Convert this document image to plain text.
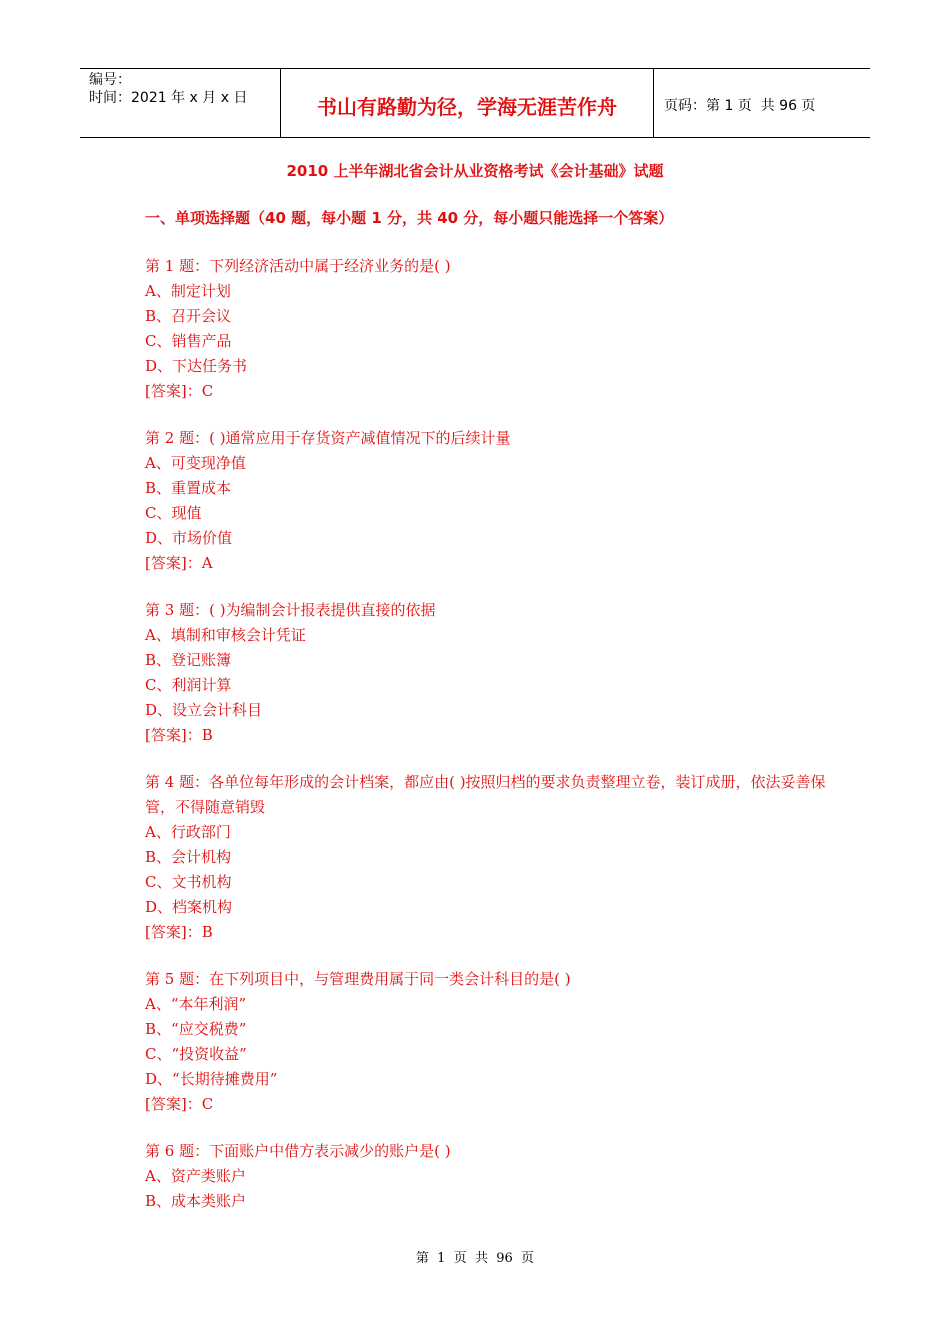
编号：
时间：2021 年 x 月 x 日	书山有路勤为径，学海无涯苦作舟	页码：第 1 页  共 96 页
2010 上半年湖北省会计从业资格考试《会计基础》试题
一、单项选择题（40 题，每小题 1 分，共 40 分，每小题只能选择一个答案）
第 1 题：下列经济活动中属于经济业务的是( )
A、制定计划
B、召开会议
C、销售产品
D、下达任务书
[答案]：C
第 2 题：( )通常应用于存货资产减值情况下的后续计量
A、可变现净值
B、重置成本
C、现值
D、市场价值
[答案]：A
第 3 题：( )为编制会计报表提供直接的依据
A、填制和审核会计凭证
B、登记账簿
C、利润计算
D、设立会计科目
[答案]：B
第 4 题：各单位每年形成的会计档案，都应由( )按照归档的要求负责整理立卷，装订成册，依法妥善保管，不得随意销毁
A、行政部门
B、会计机构
C、文书机构
D、档案机构
[答案]：B
第 5 题：在下列项目中，与管理费用属于同一类会计科目的是( )
A、“本年利润”
B、“应交税费”
C、“投资收益”
D、“长期待摊费用”
[答案]：C
第 6 题：下面账户中借方表示减少的账户是( )
A、资产类账户
B、成本类账户
第  1  页  共  96  页
